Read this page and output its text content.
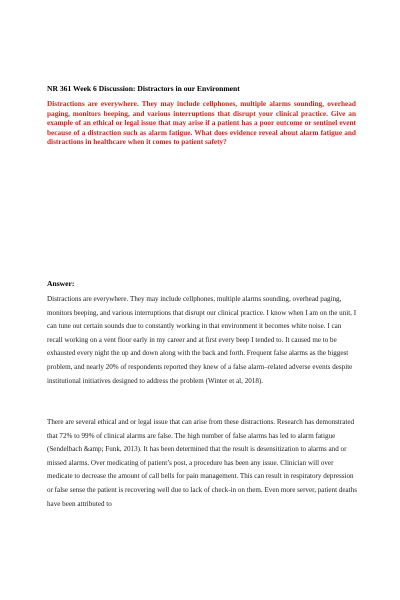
NR 361 Week 6 Discussion: Distractors in our Environment

Distractions are everywhere. They may include cellphones, multiple alarms sounding, overhead paging, monitors beeping, and various interruptions that disrupt your clinical practice. Give an example of an ethical or legal issue that may arise if a patient has a poor outcome or sentinel event because of a distraction such as alarm fatigue. What does evidence reveal about alarm fatigue and distractions in healthcare when it comes to patient safety?

Answer:

Distractions are everywhere. They may include cellphones, multiple alarms sounding, overhead paging, monitors beeping, and various interruptions that disrupt our clinical practice. I know when I am on the unit, I can tune out certain sounds due to constantly working in that environment it becomes white noise. I can recall working on a vent floor early in my career and at first every beep I tended to. It caused me to be exhausted every night the up and down along with the back and forth. Frequent false alarms as the biggest problem, and nearly 20% of respondents reported they knew of a false alarm–related adverse events despite institutional initiatives designed to address the problem (Winter et al, 2018).

There are several ethical and or legal issue that can arise from these distractions. Research has demonstrated that 72% to 99% of clinical alarms are false. The high number of false alarms has led to alarm fatigue (Sendelbach &amp; Funk, 2013). It has been determined that the result is desensitization to alarms and or missed alarms. Over medicating of patient’s post, a procedure has been any issue. Clinician will over medicate to decrease the amount of call bells for pain management. This can result in respiratory depression or false sense the patient is recovering well due to lack of check-in on them. Even more server, patient deaths have been attributed to
